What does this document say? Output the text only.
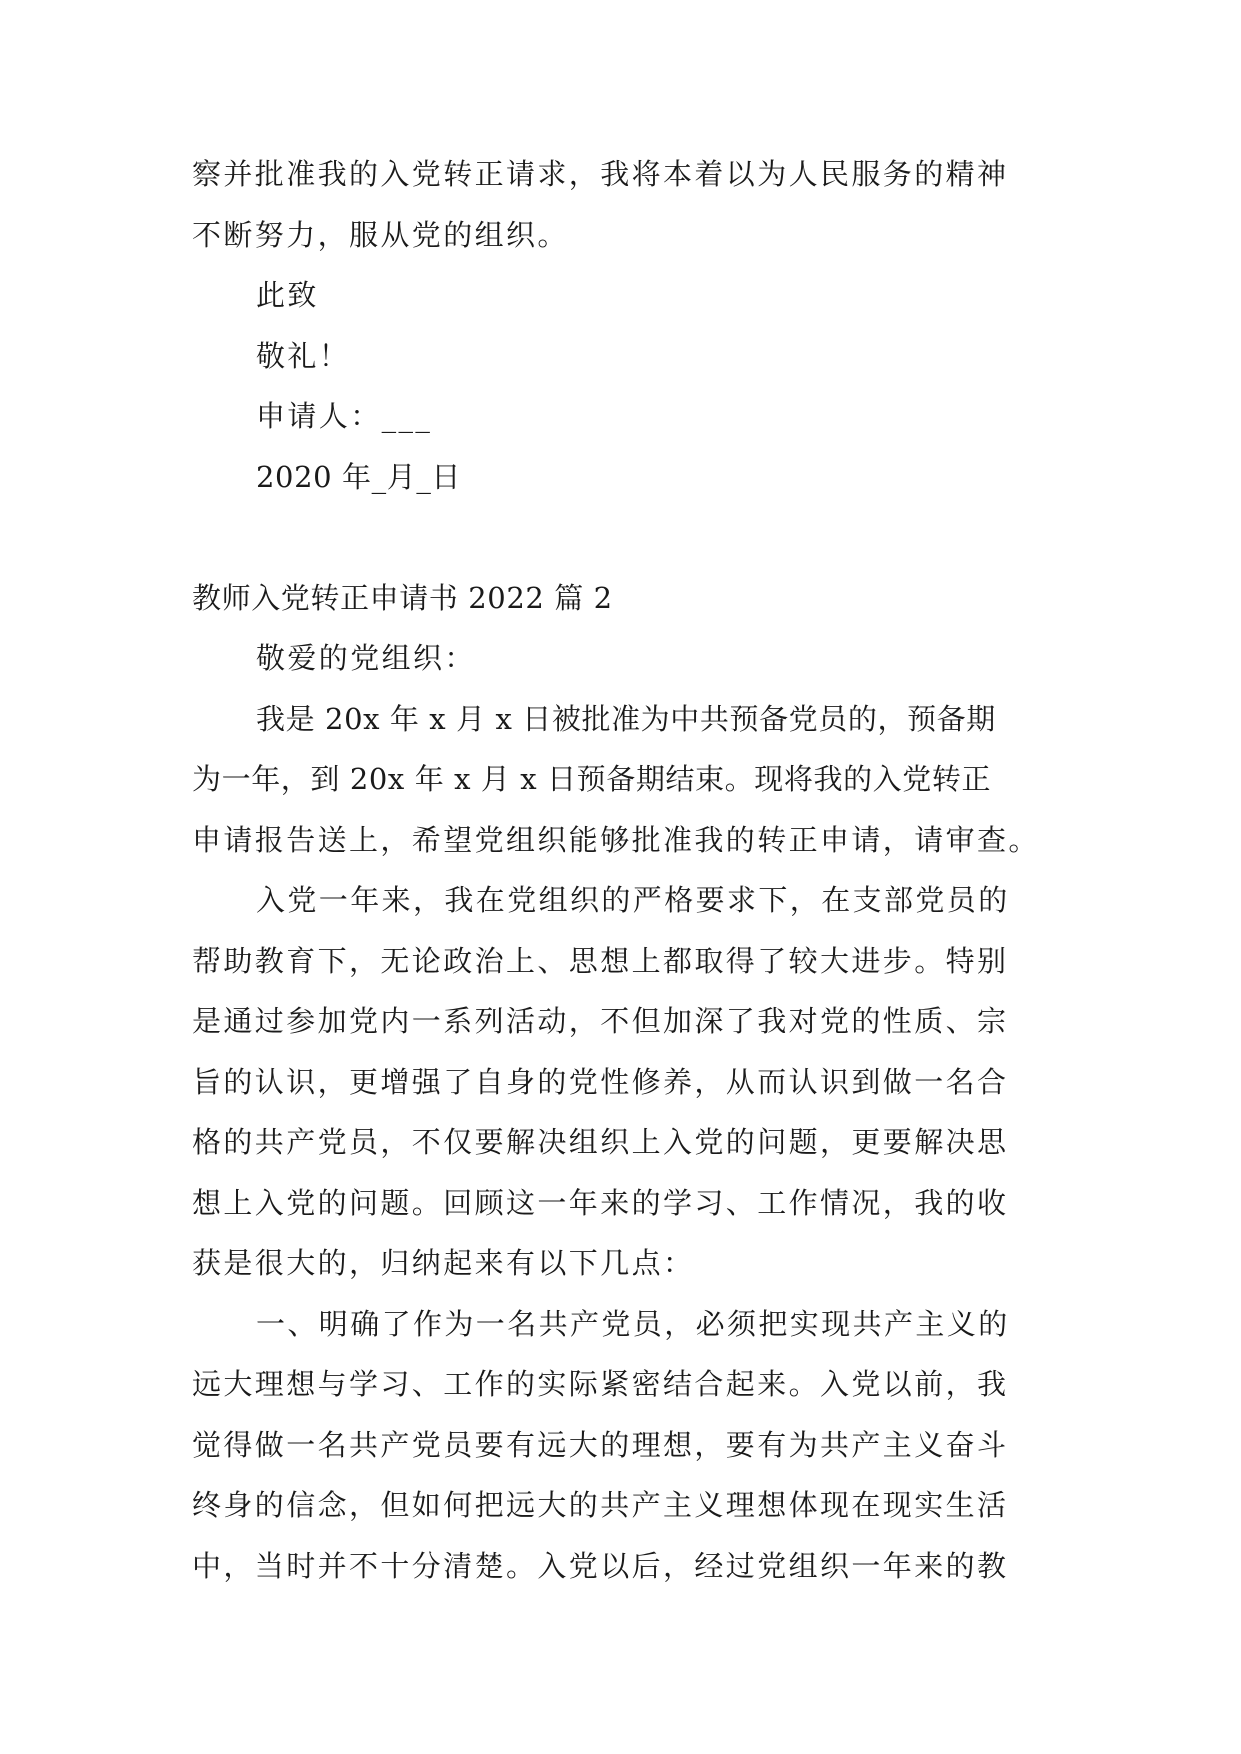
察并批准我的入党转正请求，我将本着以为人民服务的精神
不断努力，服从党的组织。
此致
敬礼！
申请人：___
2020 年_月_日
教师入党转正申请书 2022 篇 2
敬爱的党组织：
我是 20x 年 x 月 x 日被批准为中共预备党员的，预备期
为一年，到 20x 年 x 月 x 日预备期结束。现将我的入党转正
申请报告送上，希望党组织能够批准我的转正申请，请审查。
入党一年来，我在党组织的严格要求下，在支部党员的
帮助教育下，无论政治上、思想上都取得了较大进步。特别
是通过参加党内一系列活动，不但加深了我对党的性质、宗
旨的认识，更增强了自身的党性修养，从而认识到做一名合
格的共产党员，不仅要解决组织上入党的问题，更要解决思
想上入党的问题。回顾这一年来的学习、工作情况，我的收
获是很大的，归纳起来有以下几点：
一、明确了作为一名共产党员，必须把实现共产主义的
远大理想与学习、工作的实际紧密结合起来。入党以前，我
觉得做一名共产党员要有远大的理想，要有为共产主义奋斗
终身的信念，但如何把远大的共产主义理想体现在现实生活
中，当时并不十分清楚。入党以后，经过党组织一年来的教
